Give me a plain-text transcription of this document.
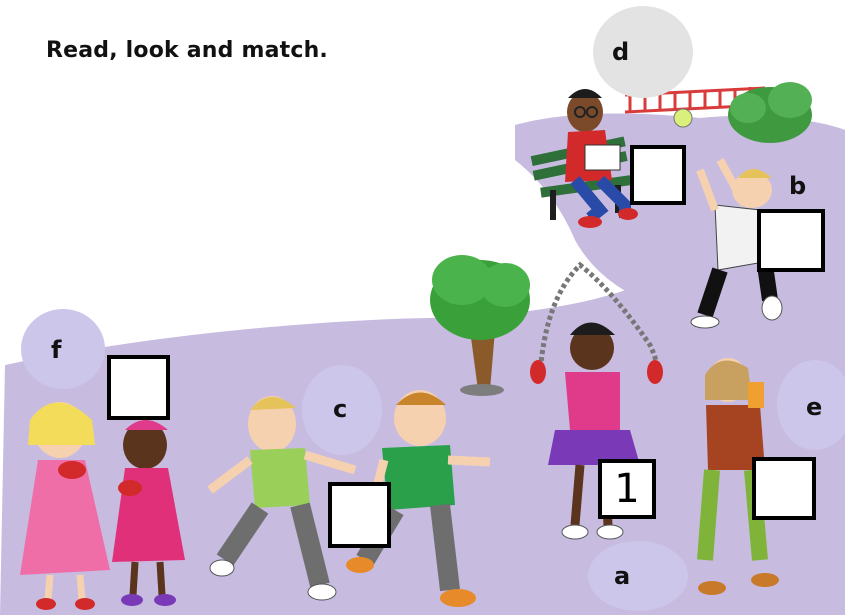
Read, look and match.	d
b
c
f
e
a
1
